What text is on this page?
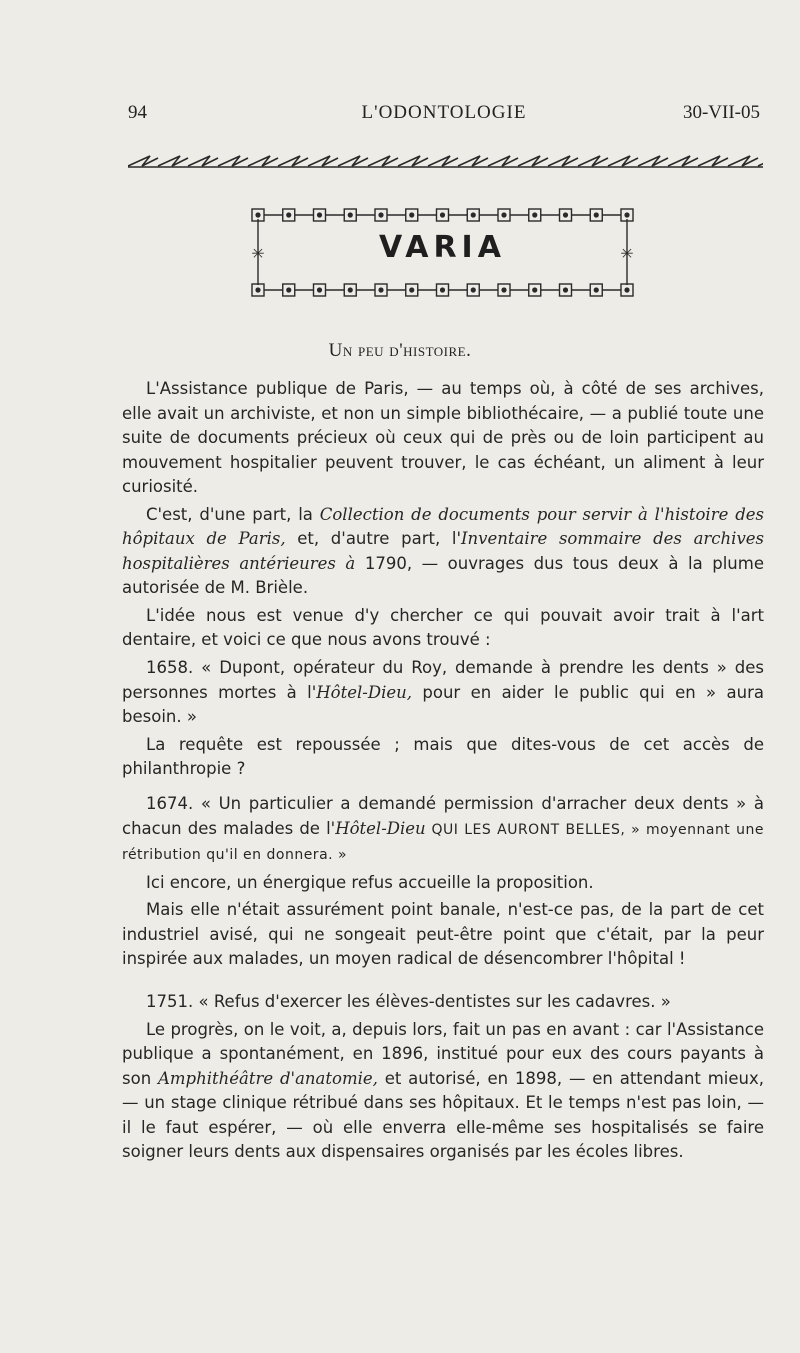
94	L'ODONTOLOGIE	30-VII-05
✳	✳
VARIA
Un peu d'histoire.

L'Assistance publique de Paris, — au temps où, à côté de ses archives, elle avait un archiviste, et non un simple bibliothécaire, — a publié toute une suite de documents précieux où ceux qui de près ou de loin participent au mouvement hospitalier peuvent trouver, le cas échéant, un aliment à leur curiosité.

C'est, d'une part, la Collection de documents pour servir à l'histoire des hôpitaux de Paris, et, d'autre part, l'Inventaire sommaire des archives hospitalières antérieures à 1790, — ouvrages dus tous deux à la plume autorisée de M. Brièle.

L'idée nous est venue d'y chercher ce qui pouvait avoir trait à l'art dentaire, et voici ce que nous avons trouvé :

1658. « Dupont, opérateur du Roy, demande à prendre les dents » des personnes mortes à l'Hôtel-Dieu, pour en aider le public qui en » aura besoin. »

La requête est repoussée ; mais que dites-vous de cet accès de philanthropie ?

1674. « Un particulier a demandé permission d'arracher deux dents » à chacun des malades de l'Hôtel-Dieu QUI LES AURONT BELLES, » moyennant une rétribution qu'il en donnera. »

Ici encore, un énergique refus accueille la proposition.

Mais elle n'était assurément point banale, n'est-ce pas, de la part de cet industriel avisé, qui ne songeait peut-être point que c'était, par la peur inspirée aux malades, un moyen radical de désencombrer l'hôpital !

1751. « Refus d'exercer les élèves-dentistes sur les cadavres. »

Le progrès, on le voit, a, depuis lors, fait un pas en avant : car l'Assistance publique a spontanément, en 1896, institué pour eux des cours payants à son Amphithéâtre d'anatomie, et autorisé, en 1898, — en attendant mieux, — un stage clinique rétribué dans ses hôpitaux. Et le temps n'est pas loin, — il le faut espérer, — où elle enverra elle-même ses hospitalisés se faire soigner leurs dents aux dispensaires organisés par les écoles libres.
